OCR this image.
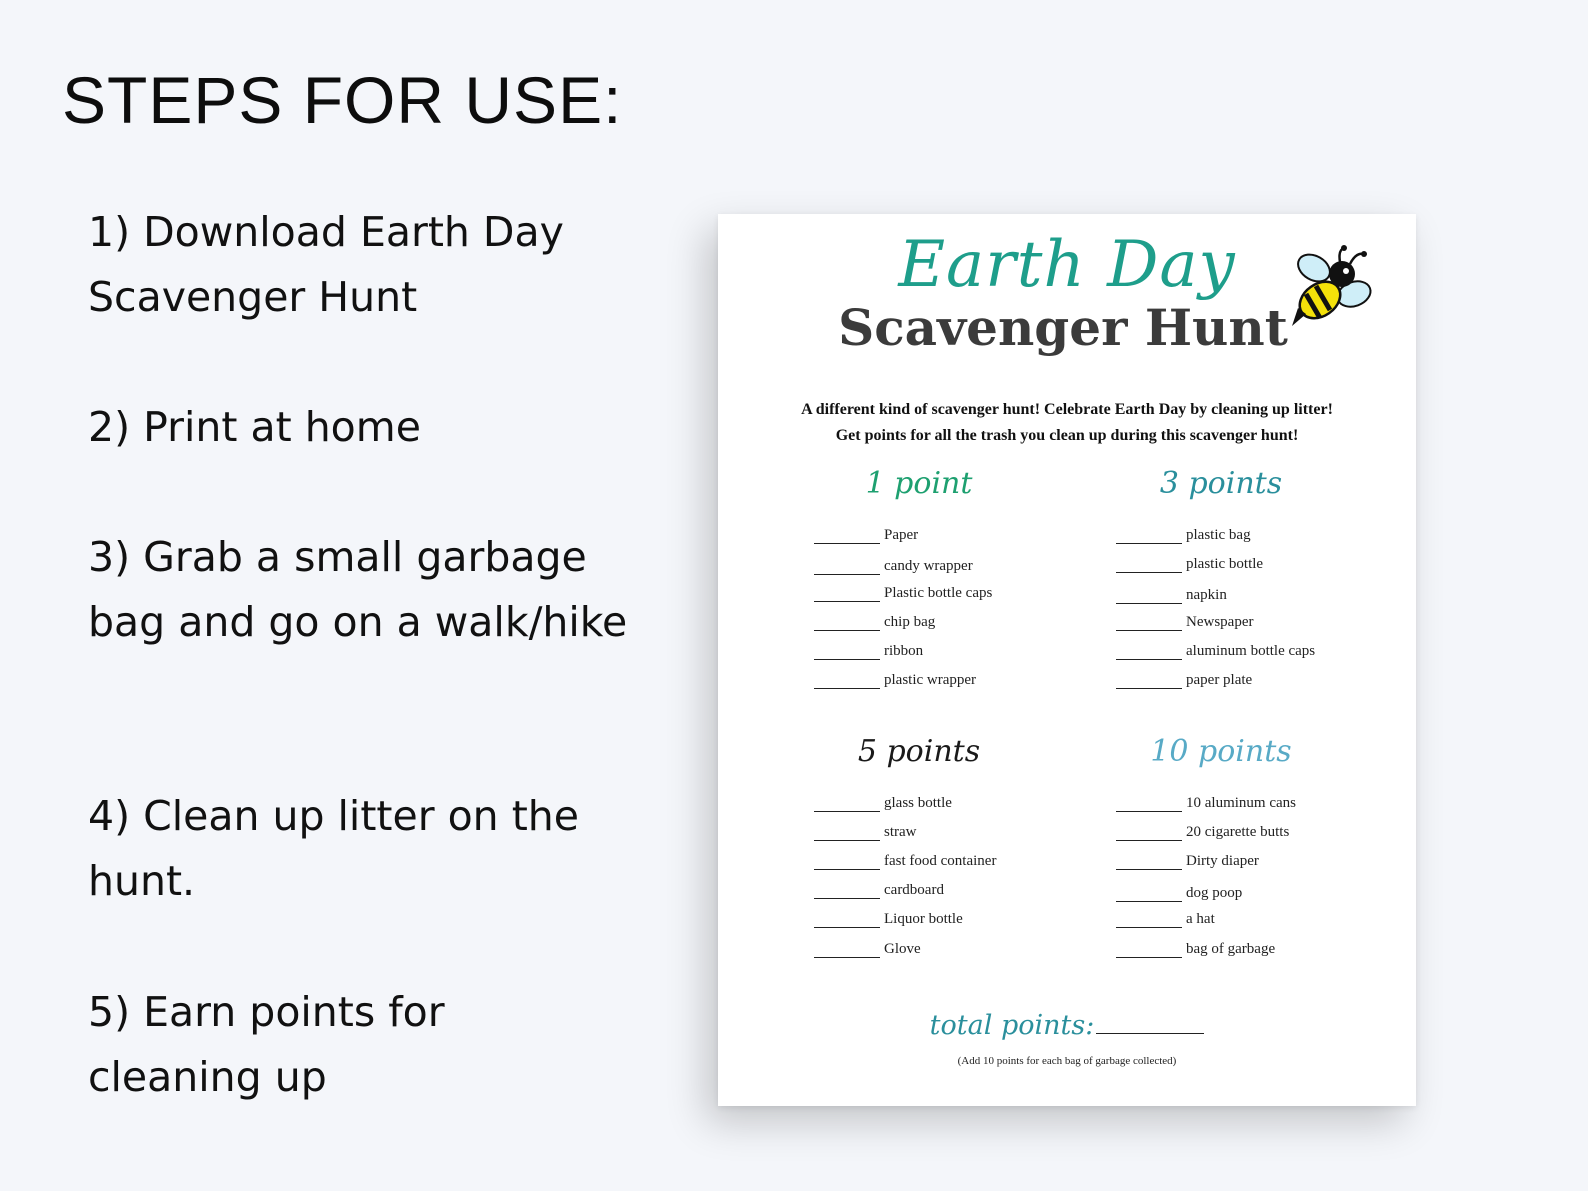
STEPS FOR USE:

1) Download Earth Day Scavenger Hunt

2) Print at home

3) Grab a small garbage bag and go on a walk/hike

4) Clean up litter on the hunt.

5) Earn points for cleaning up

Earth Day
Scavenger Hunt
A different kind of scavenger hunt! Celebrate Earth Day by cleaning up litter!
Get points for all the trash you clean up during this scavenger hunt!
1 point
Paper
candy wrapper
Plastic bottle caps
chip bag
ribbon
plastic wrapper
3 points
plastic bag
plastic bottle
napkin
Newspaper
aluminum bottle caps
paper plate
5 points
glass bottle
straw
fast food container
cardboard
Liquor bottle
Glove
10 points
10 aluminum cans
20 cigarette butts
Dirty diaper
dog poop
a hat
bag of garbage
total points:
(Add 10 points for each bag of garbage collected)
